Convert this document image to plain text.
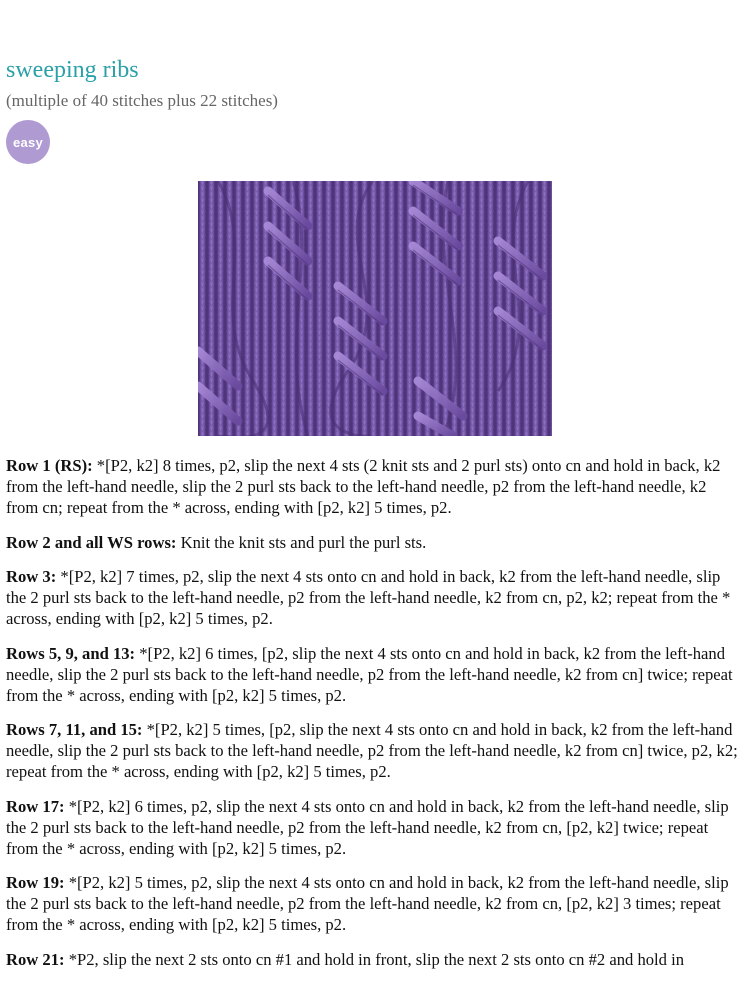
sweeping ribs
(multiple of 40 stitches plus 22 stitches)
easy

Row 1 (RS): *[P2, k2] 8 times, p2, slip the next 4 sts (2 knit sts and 2 purl sts) onto cn and hold in back, k2 from the left-hand needle, slip the 2 purl sts back to the left-hand needle, p2 from the left-hand needle, k2 from cn; repeat from the * across, ending with [p2, k2] 5 times, p2.

Row 2 and all WS rows: Knit the knit sts and purl the purl sts.

Row 3: *[P2, k2] 7 times, p2, slip the next 4 sts onto cn and hold in back, k2 from the left-hand needle, slip the 2 purl sts back to the left-hand needle, p2 from the left-hand needle, k2 from cn, p2, k2; repeat from the * across, ending with [p2, k2] 5 times, p2.

Rows 5, 9, and 13: *[P2, k2] 6 times, [p2, slip the next 4 sts onto cn and hold in back, k2 from the left-hand needle, slip the 2 purl sts back to the left-hand needle, p2 from the left-hand needle, k2 from cn] twice; repeat from the * across, ending with [p2, k2] 5 times, p2.

Rows 7, 11, and 15: *[P2, k2] 5 times, [p2, slip the next 4 sts onto cn and hold in back, k2 from the left-hand needle, slip the 2 purl sts back to the left-hand needle, p2 from the left-hand needle, k2 from cn] twice, p2, k2; repeat from the * across, ending with [p2, k2] 5 times, p2.

Row 17: *[P2, k2] 6 times, p2, slip the next 4 sts onto cn and hold in back, k2 from the left-hand needle, slip the 2 purl sts back to the left-hand needle, p2 from the left-hand needle, k2 from cn, [p2, k2] twice; repeat from the * across, ending with [p2, k2] 5 times, p2.

Row 19: *[P2, k2] 5 times, p2, slip the next 4 sts onto cn and hold in back, k2 from the left-hand needle, slip the 2 purl sts back to the left-hand needle, p2 from the left-hand needle, k2 from cn, [p2, k2] 3 times; repeat from the * across, ending with [p2, k2] 5 times, p2.

Row 21: *P2, slip the next 2 sts onto cn #1 and hold in front, slip the next 2 sts onto cn #2 and hold in
